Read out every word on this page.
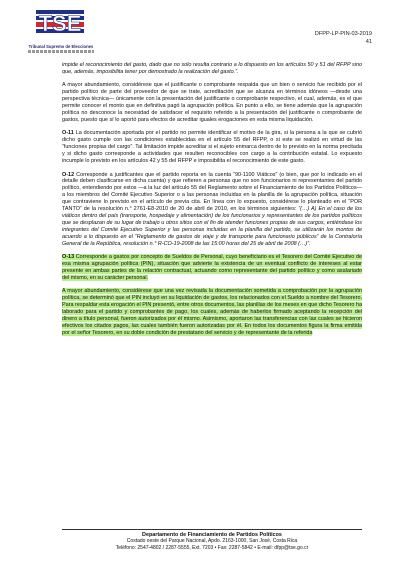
TSE
Tribunal Supremo de Elecciones
DFPP-LP-PIN-03-2019
41

impide el reconocimiento del gasto, dado que no solo resulta contrario a lo dispuesto en los artículos 50 y 51 del RFPP sino que, además, imposibilita tener por demostrado la realización del gasto.”.

A mayor abundamiento, considérese que el justificante o comprobante respalda que un bien o servicio fue recibido por el partido político de parte del proveedor de que se trate, acreditación que se alcanza en términos idóneos —desde una perspectiva técnica— únicamente con la presentación del justificante o comprobante respectivo, el cual, además, es el que permite conocer el monto que en definitiva pagó la agrupación política. En punto a ello, se tiene además que la agrupación política no desconoce la necesidad de satisfacer el requisito referido a la presentación del justificante o comprobante de gastos, puesto que sí lo aportó para efectos de acreditar iguales erogaciones en esta misma liquidación.

O-11 La documentación aportada por el partido no permite identificar el motivo de la gira, si la persona a la que se cubrió dicho gasto cumple con las condiciones establecidas en el artículo 55 del RFPP, o si este se realizó en virtud de las “funciones propias del cargo”. Tal limitación impide acreditar si el sujeto enmarca dentro de lo previsto en la norma precitada y si dicho gasto corresponde a actividades que resulten reconocibles con cargo a la contribución estatal. Lo expuesto incumple lo previsto en los artículos 42 y 55 del RFPP e imposibilita el reconocimiento de este gasto.

O-12 Corresponde a justificantes que el partido reporta en la cuenta “90-1100 Viáticos” (o bien, que por lo indicado en el detalle deben clasificarse en dicha cuenta) y que refieren a personas que no son funcionarios ni representantes del partido político, entendiendo por estos —a la luz del artículo 55 del Reglamento sobre el Financiamiento de los Partidos Políticos— a los miembros del Comité Ejecutivo Superior o a las personas incluidas en la planilla de la agrupación política, situación que contraviene lo previsto en el artículo de previa cita. En línea con lo expuesto, considérese lo planteado en el “POR TANTO” de la resolución n.° 2761-E8-2010 de 20 de abril de 2010, en los términos siguientes: “(…) A) En el caso de los viáticos dentro del país (transporte, hospedaje y alimentación) de los funcionarios y representantes de los partidos políticos que se desplazan de su lugar de trabajo u otros sitios con el fin de atender funciones propias de sus cargos, entiéndase los integrantes del Comité Ejecutivo Superior y las personas incluidas en la planilla del partido, se utilizarán los montos de acuerdo a lo dispuesto en el “Reglamento de gastos de viaje y de transporte para funcionario públicos” de la Contraloría General de la República, resolución n.° R-CO-19-2008 de las 15:00 horas del 25 de abril de 2008 (…)”.

O-13 Corresponde a gastos por concepto de Sueldos de Personal, cuyo beneficiario es el Tesorero del Comité Ejecutivo de esa misma agrupación política (PIN), situación que advierte la existencia de un eventual conflicto de intereses al estar presente en ambas partes de la relación contractual, actuando como representante del partido político y como asalariado del mismo, en su carácter personal.

A mayor abundamiento, considérese que una vez revisada la documentación sometida a comprobación por la agrupación política, se determinó que el PIN incluyó en su liquidación de gastos, los relacionados con el Sueldo a nombre del Tesorero. Para respaldar esta erogación el PIN presentó, entre otros documentos, las planillas de los meses en que dicho Tesorero ha laborado para el partido y comprobantes de pago, los cuales, además de haberlos firmado aceptando la recepción del dinero a título personal, fueron autorizados por él mismo. Asimismo, aportaron las transferencias con las cuales se hicieron efectivos los citados pagos, las cuales también fueron autorizadas por él. En todos los documentos figura la firma emitida por el señor Tesorero, en su doble condición de prestatario del servicio y de representante de la referida

Departamento de Financiamiento de Partidos Políticos
Costado oeste del Parque Nacional, Apdo. 2163-1000, San José, Costa Rica
Teléfono: 2547-4802 / 2287-5555, Ext. 7203 • Fax: 2287-5842 • E-mail: dfpp@tse.go.cr
